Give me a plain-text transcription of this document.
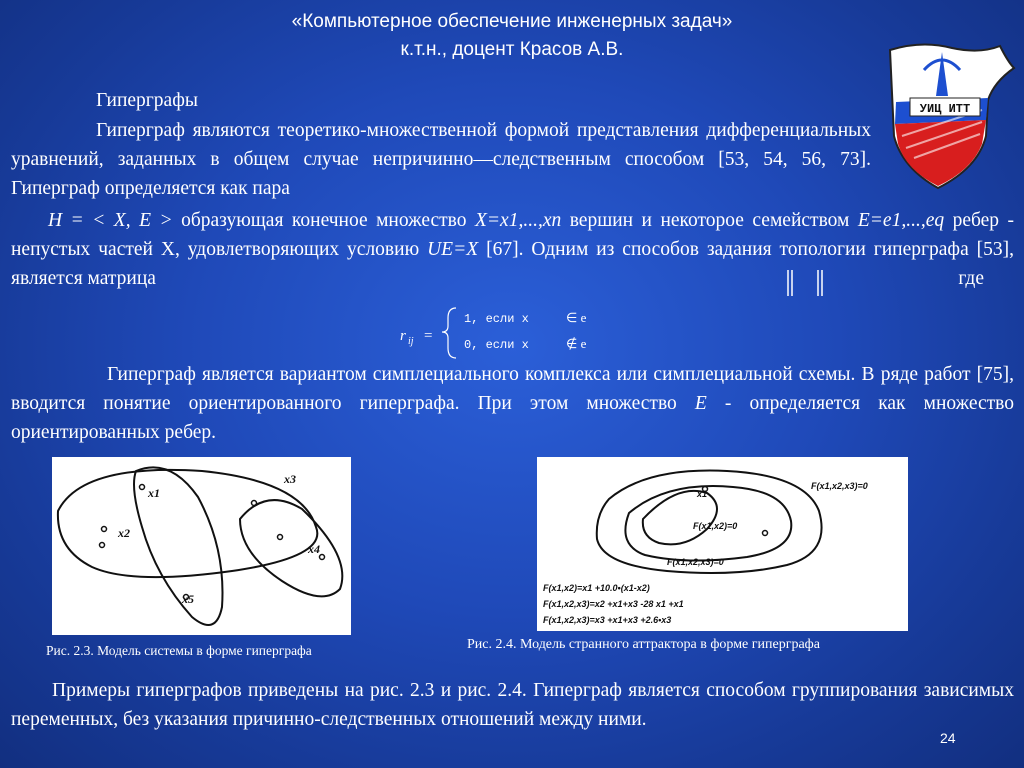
«Компьютерное обеспечение инженерных задач»
к.т.н., доцент Красов А.В.
УИЦ ИТТ
Гиперграфы
Гиперграф являются теоретико-множественной формой представления дифференциальных уравнений, заданных в общем случае непричинно—следственным способом [53, 54, 56, 73]. Гиперграф определяется как пара
H = < X, E > образующая конечное множество X=x1,...,xn вершин и некоторое семейством E=e1,...,eq ребер - непустых частей X, удовлетворяющих условию UE=X [67]. Одним из способов задания топологии гиперграфа [53], является матрица	где
r ij =
1, если x	∈ e
0, если x	∉ e
Гиперграф является вариантом симплециального комплекса или симплециальной схемы. В ряде работ [75], вводится понятие ориентированного гиперграфа. При этом множество E - определяется как множество ориентированных ребер.
x1
x2
x3
x4
x5
x1
F(x1,x2,x3)=0
F(x1,x2)=0
F(x1,x2,x3)=0
F(x1,x2)=x1 +10.0•(x1-x2)
F(x1,x2,x3)=x2 +x1+x3 -28 x1 +x1
F(x1,x2,x3)=x3 +x1+x3 +2.6•x3
Рис. 2.3. Модель системы в форме гиперграфа	Рис. 2.4. Модель странного аттрактора в форме гиперграфа
Примеры гиперграфов приведены на рис. 2.3 и рис. 2.4. Гиперграф является способом группирования зависимых переменных, без указания причинно-следственных отношений между ними.
24
